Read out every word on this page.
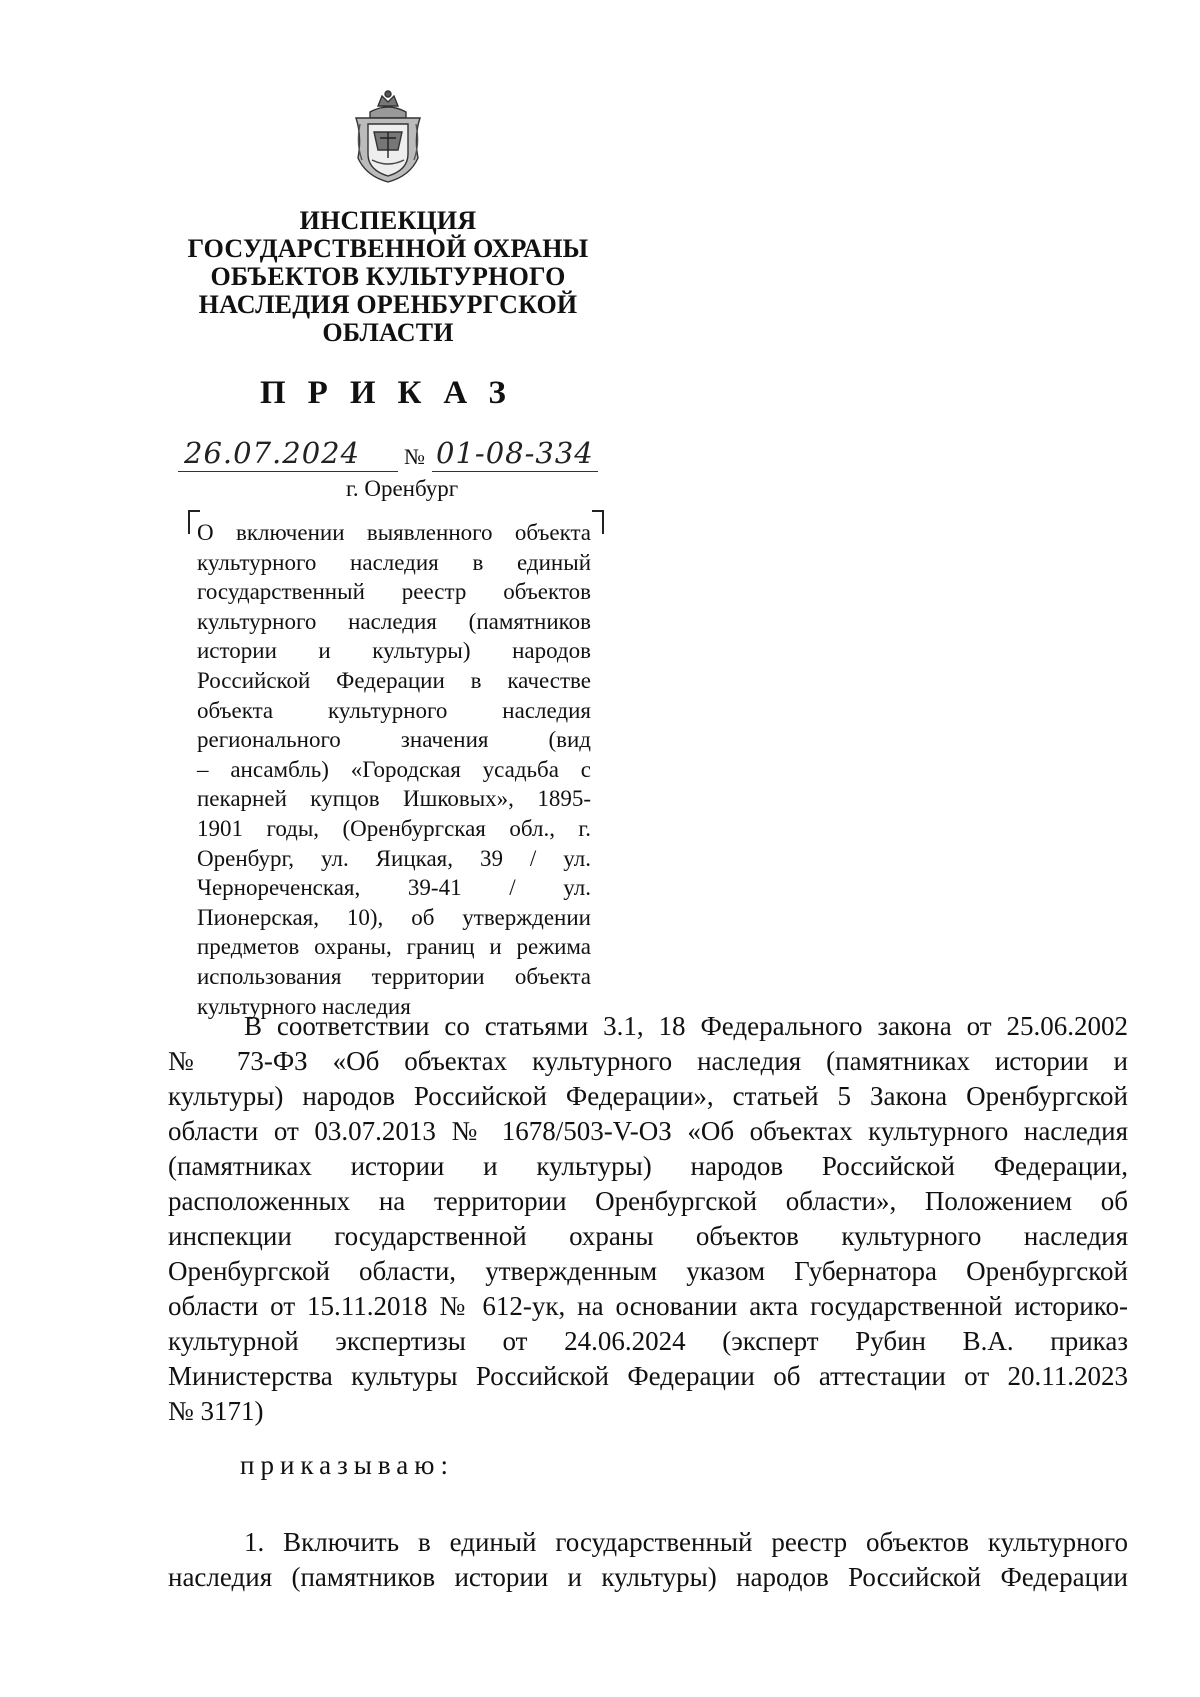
ИНСПЕКЦИЯ
ГОСУДАРСТВЕННОЙ ОХРАНЫ
ОБЪЕКТОВ КУЛЬТУРНОГО
НАСЛЕДИЯ ОРЕНБУРГСКОЙ
ОБЛАСТИ
ПРИКАЗ
26.07.2024 № 01-08-334
г. Оренбург
О включении выявленного объекта
культурного наследия в единый
государственный реестр объектов
культурного наследия (памятников
истории и культуры) народов
Российской Федерации в качестве
объекта культурного наследия
регионального значения (вид
– ансамбль) «Городская усадьба с
пекарней купцов Ишковых», 1895-
1901 годы, (Оренбургская обл., г.
Оренбург, ул. Яицкая, 39 / ул.
Чернореченская, 39-41 / ул.
Пионерская, 10), об утверждении
предметов охраны, границ и режима
использования территории объекта
культурного наследия
В соответствии со статьями 3.1, 18 Федерального закона от 25.06.2002
№ 73-ФЗ «Об объектах культурного наследия (памятниках истории и
культуры) народов Российской Федерации», статьей 5 Закона Оренбургской
области от 03.07.2013 № 1678/503-V-ОЗ «Об объектах культурного наследия
(памятниках истории и культуры) народов Российской Федерации,
расположенных на территории Оренбургской области», Положением об
инспекции государственной охраны объектов культурного наследия
Оренбургской области, утвержденным указом Губернатора Оренбургской
области от 15.11.2018 № 612-ук, на основании акта государственной историко-
культурной экспертизы от 24.06.2024 (эксперт Рубин В.А. приказ
Министерства культуры Российской Федерации об аттестации от 20.11.2023
№ 3171)
приказываю:
1. Включить в единый государственный реестр объектов культурного
наследия (памятников истории и культуры) народов Российской Федерации
